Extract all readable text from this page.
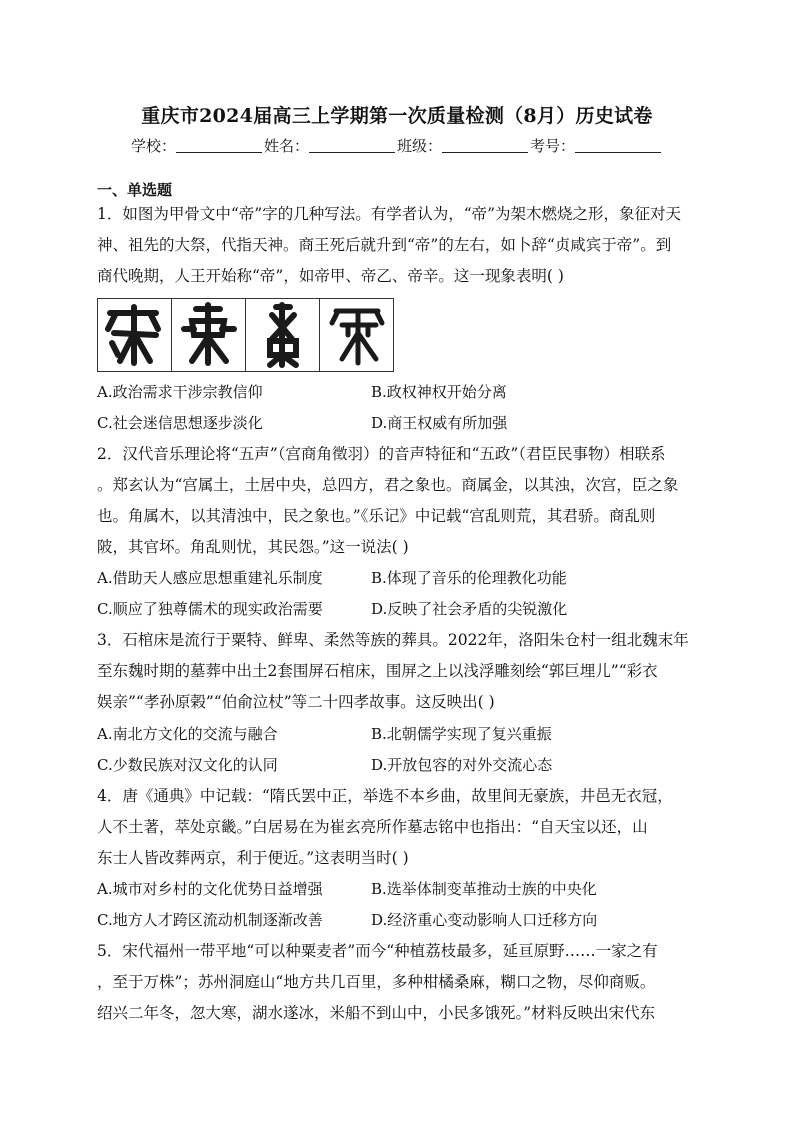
重庆市2024届高三上学期第一次质量检测（8月）历史试卷
学校：	姓名：	班级：	考号：
一、单选题
1．如图为甲骨文中“帝”字的几种写法。有学者认为，“帝”为架木燃烧之形，象征对天
神、祖先的大祭，代指天神。商王死后就升到“帝”的左右，如卜辞“贞咸宾于帝”。到
商代晚期，人王开始称“帝”，如帝甲、帝乙、帝辛。这一现象表明( )
A.政治需求干涉宗教信仰	B.政权神权开始分离
C.社会迷信思想逐步淡化	D.商王权威有所加强
2．汉代音乐理论将“五声”（宫商角徵羽）的音声特征和“五政”（君臣民事物）相联系
。郑玄认为“宫属土，土居中央，总四方，君之象也。商属金，以其浊，次宫，臣之象
也。角属木，以其清浊中，民之象也。”《乐记》中记载“宫乱则荒，其君骄。商乱则
陂，其官坏。角乱则忧，其民怨。”这一说法( )
A.借助天人感应思想重建礼乐制度	B.体现了音乐的伦理教化功能
C.顺应了独尊儒术的现实政治需要	D.反映了社会矛盾的尖锐激化
3．石棺床是流行于粟特、鲜卑、柔然等族的葬具。2022年，洛阳朱仓村一组北魏末年
至东魏时期的墓葬中出土2套围屏石棺床，围屏之上以浅浮雕刻绘“郭巨埋儿”“彩衣
娱亲”“孝孙原榖”“伯俞泣杖”等二十四孝故事。这反映出( )
A.南北方文化的交流与融合	B.北朝儒学实现了复兴重振
C.少数民族对汉文化的认同	D.开放包容的对外交流心态
4．唐《通典》中记载：“隋氏罢中正，举选不本乡曲，故里间无豪族，井邑无衣冠，
人不土著，萃处京畿。”白居易在为崔玄亮所作墓志铭中也指出：“自天宝以还，山
东士人皆改葬两京，利于便近。”这表明当时( )
A.城市对乡村的文化优势日益增强	B.选举体制变革推动士族的中央化
C.地方人才跨区流动机制逐渐改善	D.经济重心变动影响人口迁移方向
5．宋代福州一带平地“可以种粟麦者”而今“种植荔枝最多，延亘原野……一家之有
，至于万株”；苏州洞庭山“地方共几百里，多种柑橘桑麻，糊口之物，尽仰商贩。
绍兴二年冬，忽大寒，湖水遂冰，米船不到山中，小民多饿死。”材料反映出宋代东
